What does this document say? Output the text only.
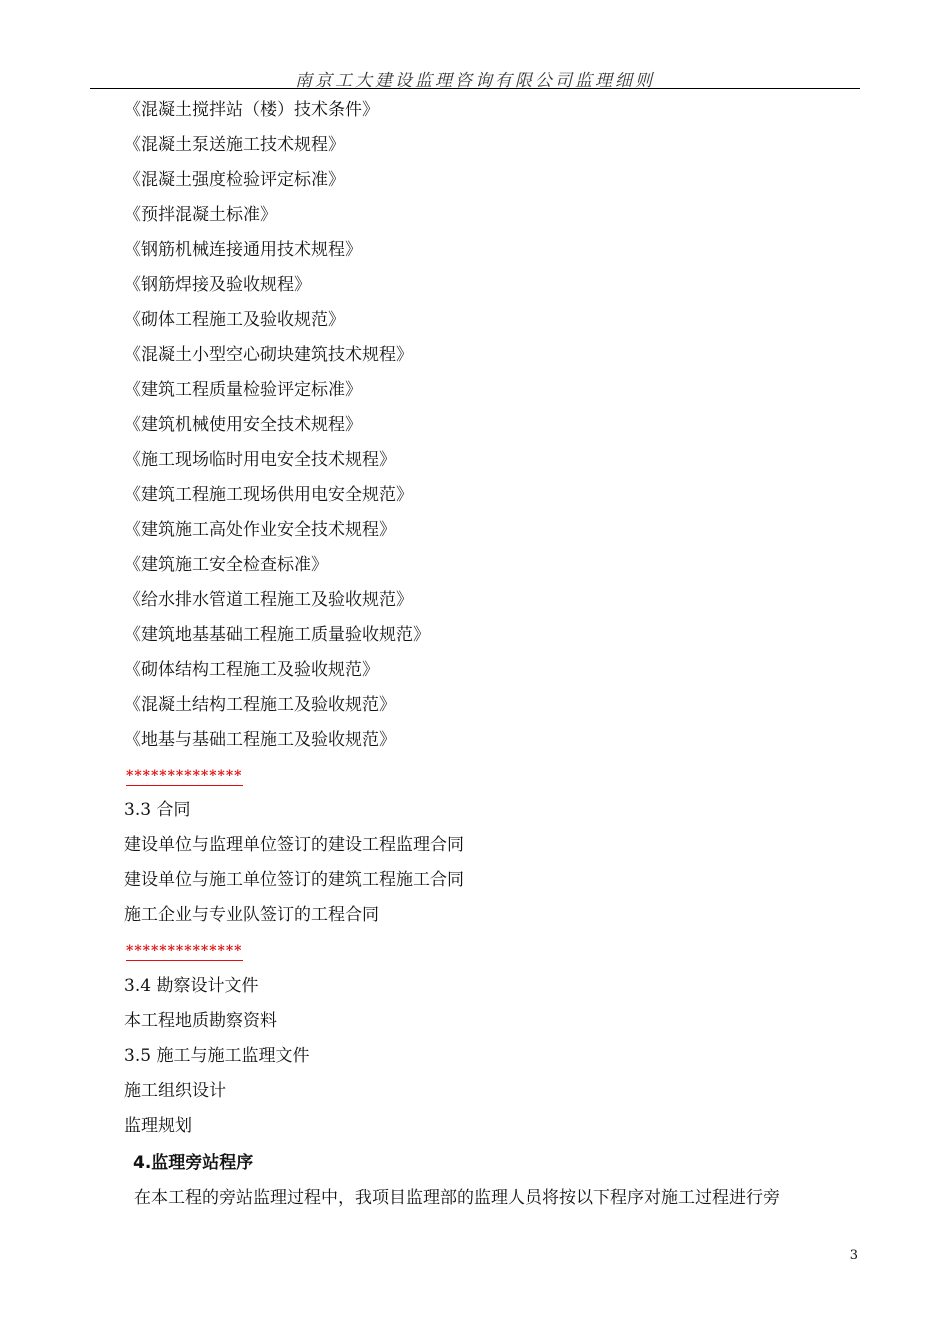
南京工大建设监理咨询有限公司监理细则
《混凝土搅拌站（楼）技术条件》
《混凝土泵送施工技术规程》
《混凝土强度检验评定标准》
《预拌混凝土标准》
《钢筋机械连接通用技术规程》
《钢筋焊接及验收规程》
《砌体工程施工及验收规范》
《混凝土小型空心砌块建筑技术规程》
《建筑工程质量检验评定标准》
《建筑机械使用安全技术规程》
《施工现场临时用电安全技术规程》
《建筑工程施工现场供用电安全规范》
《建筑施工高处作业安全技术规程》
《建筑施工安全检查标准》
《给水排水管道工程施工及验收规范》
《建筑地基基础工程施工质量验收规范》
《砌体结构工程施工及验收规范》
《混凝土结构工程施工及验收规范》
《地基与基础工程施工及验收规范》
**************
3.3 合同
建设单位与监理单位签订的建设工程监理合同
建设单位与施工单位签订的建筑工程施工合同
施工企业与专业队签订的工程合同
**************
3.4 勘察设计文件
本工程地质勘察资料
3.5 施工与施工监理文件
施工组织设计
监理规划
4.监理旁站程序
在本工程的旁站监理过程中，我项目监理部的监理人员将按以下程序对施工过程进行旁
3
